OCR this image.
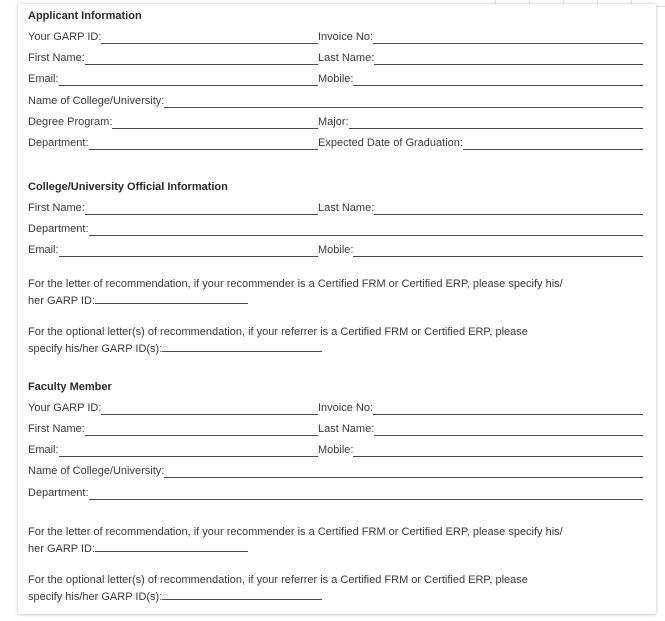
Applicant Information
Your GARP ID:	Invoice No:
First Name:	Last Name:
Email:	Mobile:
Name of College/University:
Degree Program:	Major:
Department:	Expected Date of Graduation:
College/University Official Information
First Name:	Last Name:
Department:
Email:	Mobile:
For the letter of recommendation, if your recommender is a Certified FRM or Certified ERP, please specify his/
her GARP ID:
For the optional letter(s) of recommendation, if your referrer is a Certified FRM or Certified ERP, please
specify his/her GARP ID(s):
Faculty Member
Your GARP ID:	Invoice No:
First Name:	Last Name:
Email:	Mobile:
Name of College/University:
Department:
For the letter of recommendation, if your recommender is a Certified FRM or Certified ERP, please specify his/
her GARP ID:
For the optional letter(s) of recommendation, if your referrer is a Certified FRM or Certified ERP, please
specify his/her GARP ID(s):
